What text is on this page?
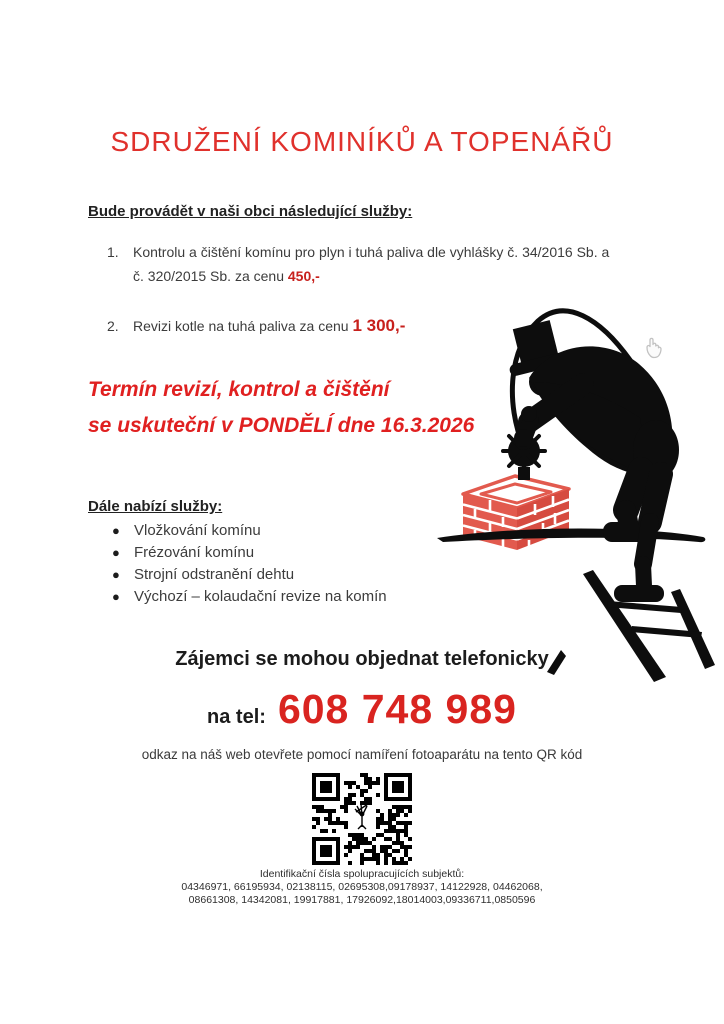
SDRUŽENÍ KOMINÍKŮ A TOPENÁŘŮ
Bude provádět v naši obci následující služby:
1.	Kontrolu a čištění komínu pro plyn i tuhá paliva dle vyhlášky č. 34/2016 Sb. a č. 320/2015 Sb. za cenu 450,-
2.	Revizi kotle na tuhá paliva za cenu 1 300,-
Termín revizí, kontrol a čištění
se uskuteční v PONDĚLÍ dne 16.3.2026
Dále nabízí služby:
● Vložkování komínu
● Frézování komínu
● Strojní odstranění dehtu
● Výchozí – kolaudační revize na komín
Zájemci se mohou objednat telefonicky
na tel: 608 748 989
odkaz na náš web otevřete pomocí namíření fotoaparátu na tento QR kód
Identifikační čísla spolupracujících subjektů:
04346971, 66195934, 02138115, 02695308,09178937, 14122928, 04462068,
08661308, 14342081, 19917881, 17926092,18014003,09336711,0850596
